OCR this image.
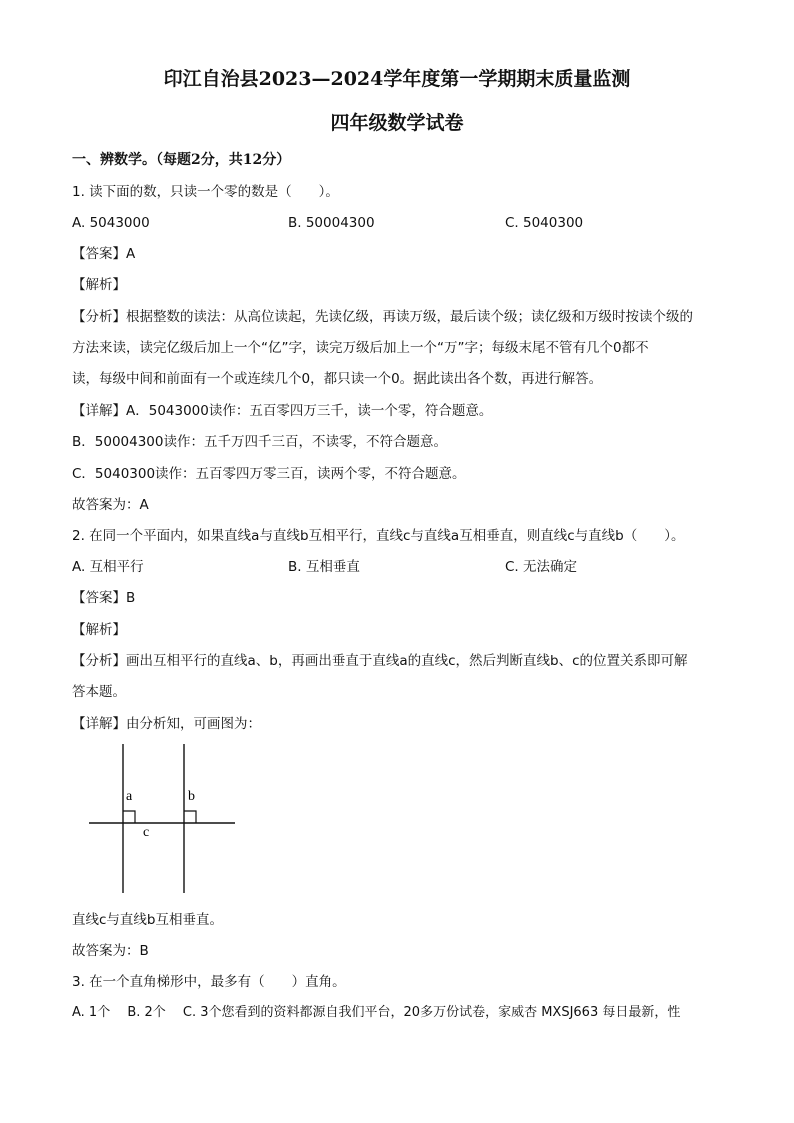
印江自治县2023—2024学年度第一学期期末质量监测
四年级数学试卷
一、辨数学。（每题2分，共12分）
1. 读下面的数，只读一个零的数是（　　）。
A. 5043000	B. 50004300	C. 5040300
【答案】A
【解析】
【分析】根据整数的读法：从高位读起，先读亿级，再读万级，最后读个级；读亿级和万级时按读个级的
方法来读，读完亿级后加上一个“亿”字，读完万级后加上一个“万”字；每级末尾不管有几个0都不
读，每级中间和前面有一个或连续几个0，都只读一个0。据此读出各个数，再进行解答。
【详解】A．5043000读作：五百零四万三千，读一个零，符合题意。
B．50004300读作：五千万四千三百，不读零，不符合题意。
C．5040300读作：五百零四万零三百，读两个零，不符合题意。
故答案为：A
2. 在同一个平面内，如果直线a与直线b互相平行，直线c与直线a互相垂直，则直线c与直线b（　　）。
A. 互相平行	B. 互相垂直	C. 无法确定
【答案】B
【解析】
【分析】画出互相平行的直线a、b，再画出垂直于直线a的直线c，然后判断直线b、c的位置关系即可解
答本题。
【详解】由分析知，可画图为：
a	b
c
直线c与直线b互相垂直。
故答案为：B
3. 在一个直角梯形中，最多有（　　）直角。
A. 1个　 B. 2个　 C. 3个您看到的资料都源自我们平台，20多万份试卷，家威杏 MXSJ663 每日最新，性
